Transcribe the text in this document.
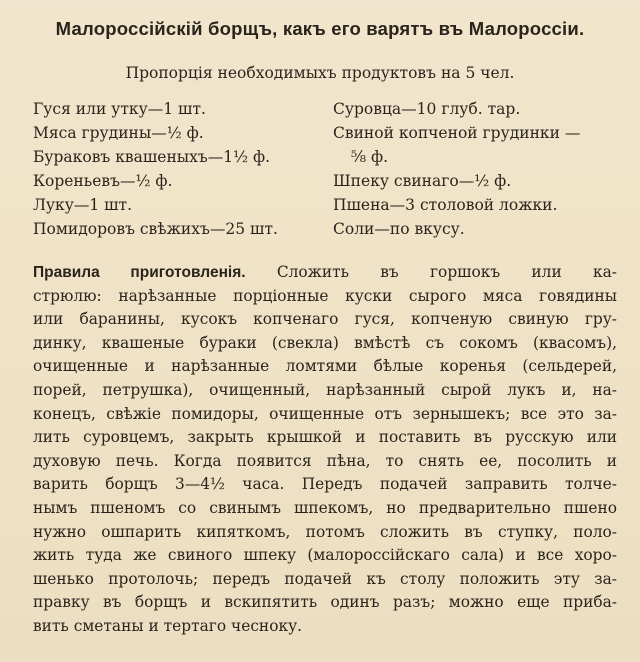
Малороссійскій борщъ, какъ его варятъ въ Малороссіи.
Пропорція необходимыхъ продуктовъ на 5 чел.
Гуся или утку—1 шт.
Мяса грудины—½ ф.
Бураковъ квашеныхъ—1½ ф.
Кореньевъ—½ ф.
Луку—1 шт.
Помидоровъ свѣжихъ—25 шт.
Суровца—10 глуб. тар.
Свиной копченой грудинки —
⅝ ф.
Шпеку свинаго—½ ф.
Пшена—3 столовой ложки.
Соли—по вкусу.
Правила приготовленія. Сложить въ горшокъ или ка-
стрюлю: нарѣзанные порціонные куски сырого мяса говядины
или баранины, кусокъ копченаго гуся, копченую свиную гру-
динку, квашеные бураки (свекла) вмѣстѣ съ сокомъ (квасомъ),
очищенные и нарѣзанные ломтями бѣлые коренья (сельдерей,
порей, петрушка), очищенный, нарѣзанный сырой лукъ и, на-
конецъ, свѣжіе помидоры, очищенные отъ зернышекъ; все это за-
лить суровцемъ, закрыть крышкой и поставить въ русскую или
духовую печь. Когда появится пѣна, то снять ее, посолить и
варить борщъ 3—4½ часа. Передъ подачей заправить толче-
нымъ пшеномъ со свинымъ шпекомъ, но предварительно пшено
нужно ошпарить кипяткомъ, потомъ сложить въ ступку, поло-
жить туда же свиного шпеку (малороссійскаго сала) и все хоро-
шенько протолочь; передъ подачей къ столу положить эту за-
правку въ борщъ и вскипятить одинъ разъ; можно еще приба-
вить сметаны и тертаго чесноку.
